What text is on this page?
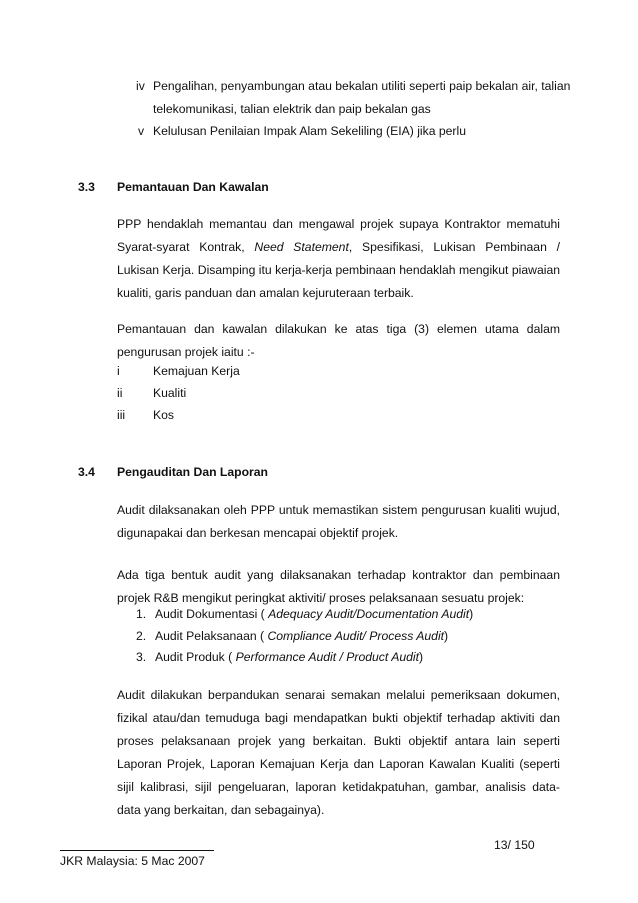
iv Pengalihan, penyambungan atau bekalan utiliti seperti paip bekalan air, talian
telekomunikasi, talian elektrik dan paip bekalan gas
v Kelulusan Penilaian Impak Alam Sekeliling (EIA) jika perlu
3.3 Pemantauan Dan Kawalan
PPP hendaklah memantau dan mengawal projek supaya Kontraktor mematuhi Syarat-syarat Kontrak, Need Statement, Spesifikasi, Lukisan Pembinaan / Lukisan Kerja. Disamping itu kerja-kerja pembinaan hendaklah mengikut piawaian kualiti, garis panduan dan amalan kejuruteraan terbaik.
Pemantauan dan kawalan dilakukan ke atas tiga (3) elemen utama dalam pengurusan projek iaitu :-
i	Kemajuan Kerja
ii	Kualiti
iii Kos
3.4 Pengauditan Dan Laporan
Audit dilaksanakan oleh PPP untuk memastikan sistem pengurusan kualiti wujud, digunapakai dan berkesan mencapai objektif projek.
Ada tiga bentuk audit yang dilaksanakan terhadap kontraktor dan pembinaan projek R&B mengikut peringkat aktiviti/ proses pelaksanaan sesuatu projek:
1. Audit Dokumentasi ( Adequacy Audit/Documentation Audit)
2. Audit Pelaksanaan ( Compliance Audit/ Process Audit)
3. Audit Produk ( Performance Audit / Product Audit)
Audit dilakukan berpandukan senarai semakan melalui pemeriksaan dokumen, fizikal atau/dan temuduga bagi mendapatkan bukti objektif terhadap aktiviti dan proses pelaksanaan projek yang berkaitan. Bukti objektif antara lain seperti Laporan Projek, Laporan Kemajuan Kerja dan Laporan Kawalan Kualiti (seperti sijil kalibrasi, sijil pengeluaran, laporan ketidakpatuhan, gambar, analisis data-data yang berkaitan, dan sebagainya).
13/ 150
JKR Malaysia: 5 Mac 2007
